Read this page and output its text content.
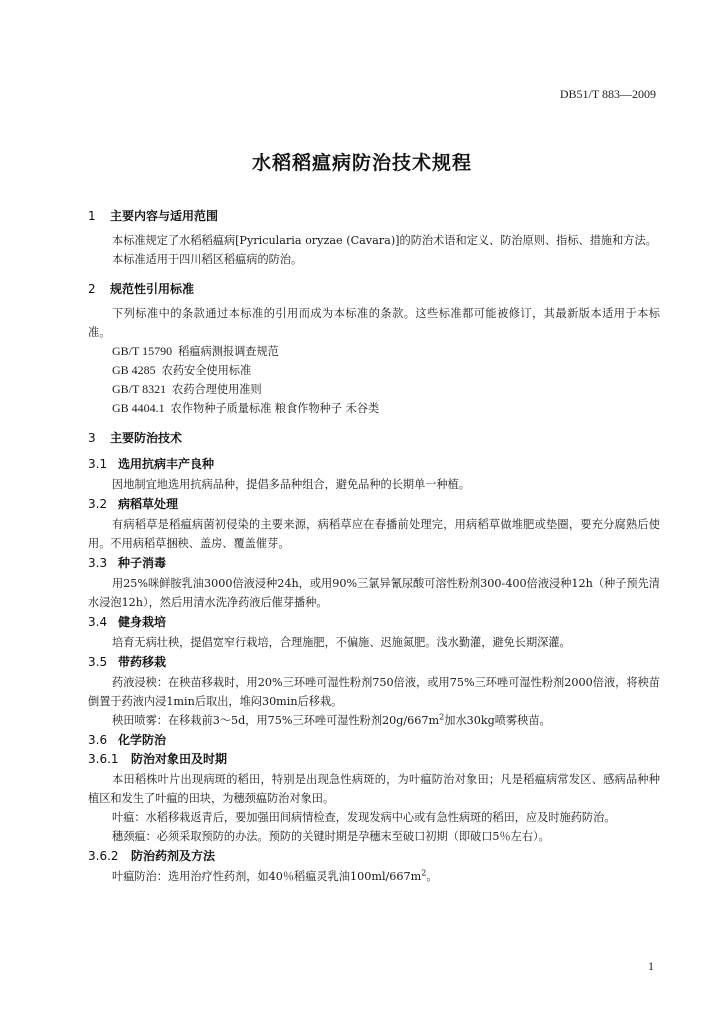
DB51/T 883—2009
水稻稻瘟病防治技术规程
1	主要内容与适用范围

本标准规定了水稻稻瘟病[Pyricularia oryzae (Cavara)]的防治术语和定义、防治原则、指标、措施和方法。

本标准适用于四川稻区稻瘟病的防治。

2	规范性引用标准

下列标准中的条款通过本标准的引用而成为本标准的条款。这些标准都可能被修订，其最新版本适用于本标准。

GB/T 15790 稻瘟病测报调查规范
GB 4285 农药安全使用标准
GB/T 8321 农药合理使用准则
GB 4404.1 农作物种子质量标准 粮食作物种子 禾谷类
3	主要防治技术
3.1 选用抗病丰产良种

因地制宜地选用抗病品种，提倡多品种组合，避免品种的长期单一种植。

3.2 病稻草处理

有病稻草是稻瘟病菌初侵染的主要来源，病稻草应在春播前处理完，用病稻草做堆肥或垫圈，要充分腐熟后使用。不用病稻草捆秧、盖房、覆盖催芽。

3.3 种子消毒

用25%咪鲜胺乳油3000倍液浸种24h，或用90%三氯异氰尿酸可溶性粉剂300-400倍液浸种12h（种子预先清水浸泡12h），然后用清水洗净药液后催芽播种。

3.4 健身栽培

培育无病壮秧，提倡宽窄行栽培，合理施肥，不偏施、迟施氮肥。浅水勤灌，避免长期深灌。

3.5 带药移栽

药液浸秧：在秧苗移栽时，用20%三环唑可湿性粉剂750倍液，或用75%三环唑可湿性粉剂2000倍液，将秧苗倒置于药液内浸1min后取出，堆闷30min后移栽。

秧田喷雾：在移栽前3～5d，用75%三环唑可湿性粉剂$20g/667m^2$加水30kg喷雾秧苗。

3.6 化学防治
3.6.1	防治对象田及时期

本田稻株叶片出现病斑的稻田，特别是出现急性病斑的，为叶瘟防治对象田；凡是稻瘟病常发区、感病品种种植区和发生了叶瘟的田块，为穗颈瘟防治对象田。

叶瘟：水稻移栽返青后，要加强田间病情检查，发现发病中心或有急性病斑的稻田，应及时施药防治。

穗颈瘟：必须采取预防的办法。预防的关键时期是孕穗末至破口初期（即破口5％左右）。

3.6.2	防治药剂及方法

叶瘟防治：选用治疗性药剂，如40％稻瘟灵乳油$100ml/667m^2$。

1
